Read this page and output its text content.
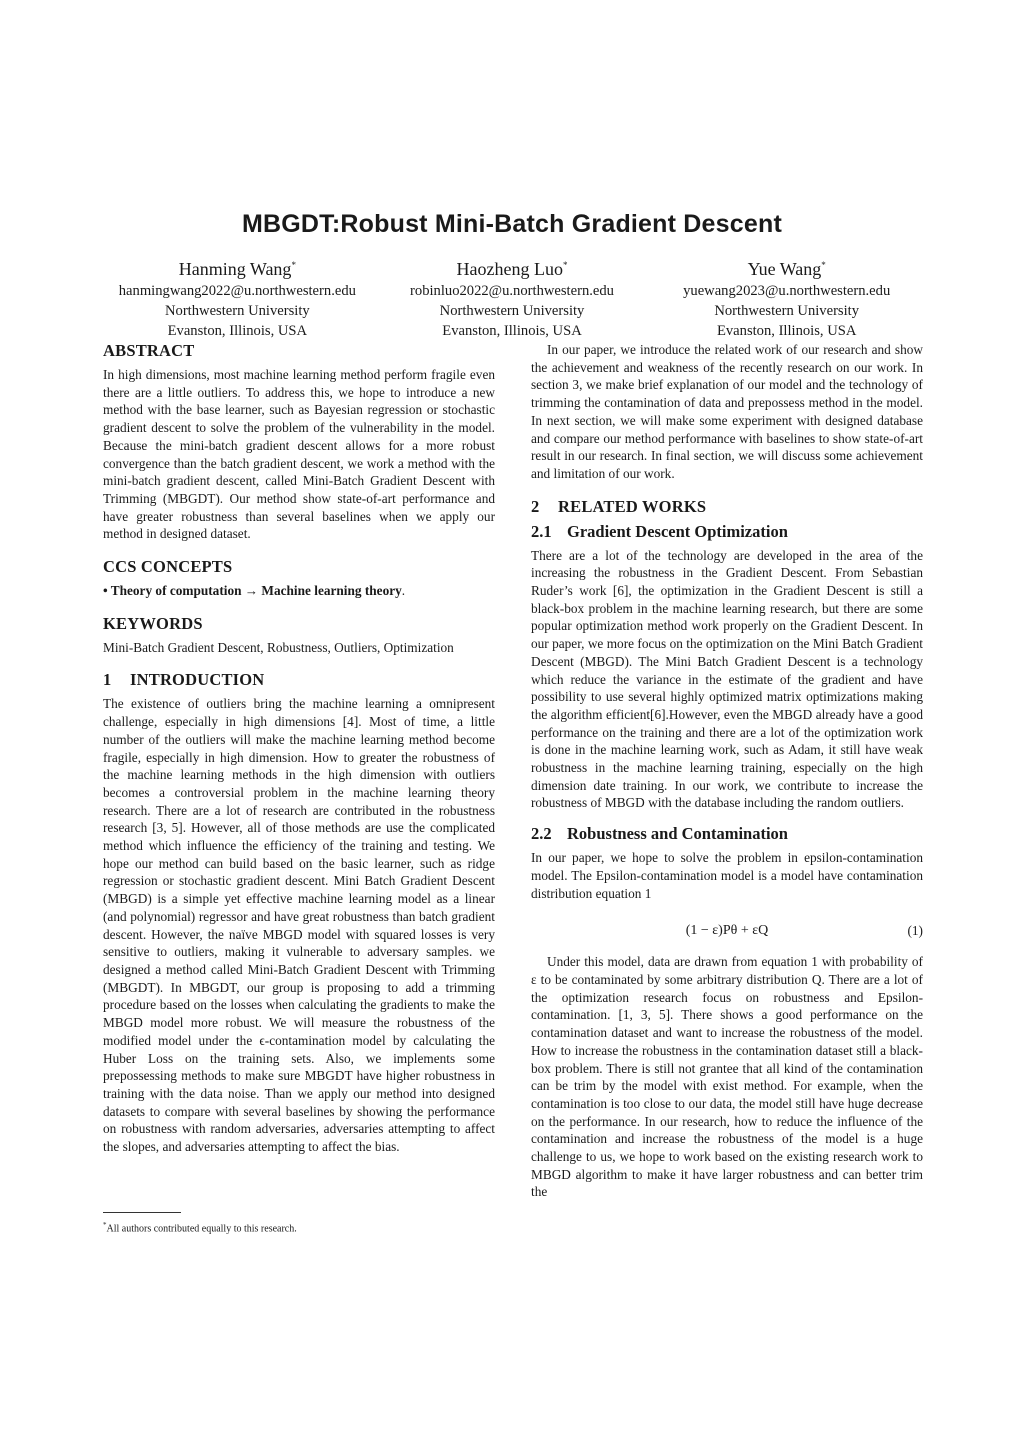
MBGDT:Robust Mini-Batch Gradient Descent
Hanming Wang*
hanmingwang2022@u.northwestern.edu
Northwestern University
Evanston, Illinois, USA
Haozheng Luo*
robinluo2022@u.northwestern.edu
Northwestern University
Evanston, Illinois, USA
Yue Wang*
yuewang2023@u.northwestern.edu
Northwestern University
Evanston, Illinois, USA
ABSTRACT

In high dimensions, most machine learning method perform fragile even there are a little outliers. To address this, we hope to introduce a new method with the base learner, such as Bayesian regression or stochastic gradient descent to solve the problem of the vulnerability in the model. Because the mini-batch gradient descent allows for a more robust convergence than the batch gradient descent, we work a method with the mini-batch gradient descent, called Mini-Batch Gradient Descent with Trimming (MBGDT). Our method show state-of-art performance and have greater robustness than several baselines when we apply our method in designed dataset.

CCS CONCEPTS

• Theory of computation → Machine learning theory.

KEYWORDS

Mini-Batch Gradient Descent, Robustness, Outliers, Optimization

1 INTRODUCTION

The existence of outliers bring the machine learning a omnipresent challenge, especially in high dimensions [4]. Most of time, a little number of the outliers will make the machine learning method become fragile, especially in high dimension. How to greater the robustness of the machine learning methods in the high dimension with outliers becomes a controversial problem in the machine learning theory research. There are a lot of research are contributed in the robustness research [3, 5]. However, all of those methods are use the complicated method which influence the efficiency of the training and testing. We hope our method can build based on the basic learner, such as ridge regression or stochastic gradient descent. Mini Batch Gradient Descent (MBGD) is a simple yet effective machine learning model as a linear (and polynomial) regressor and have great robustness than batch gradient descent. However, the naïve MBGD model with squared losses is very sensitive to outliers, making it vulnerable to adversary samples. we designed a method called Mini-Batch Gradient Descent with Trimming (MBGDT). In MBGDT, our group is proposing to add a trimming procedure based on the losses when calculating the gradients to make the MBGD model more robust. We will measure the robustness of the modified model under the ϵ-contamination model by calculating the Huber Loss on the training sets. Also, we implements some prepossessing methods to make sure MBGDT have higher robustness in training with the data noise. Than we apply our method into designed datasets to compare with several baselines by showing the performance on robustness with random adversaries, adversaries attempting to affect the slopes, and adversaries attempting to affect the bias.

In our paper, we introduce the related work of our research and show the achievement and weakness of the recently research on our work. In section 3, we make brief explanation of our model and the technology of trimming the contamination of data and prepossess method in the model. In next section, we will make some experiment with designed database and compare our method performance with baselines to show state-of-art result in our research. In final section, we will discuss some achievement and limitation of our work.

2 RELATED WORKS
2.1 Gradient Descent Optimization

There are a lot of the technology are developed in the area of the increasing the robustness in the Gradient Descent. From Sebastian Ruder’s work [6], the optimization in the Gradient Descent is still a black-box problem in the machine learning research, but there are some popular optimization method work properly on the Gradient Descent. In our paper, we more focus on the optimization on the Mini Batch Gradient Descent (MBGD). The Mini Batch Gradient Descent is a technology which reduce the variance in the estimate of the gradient and have possibility to use several highly optimized matrix optimizations making the algorithm efficient[6].However, even the MBGD already have a good performance on the training and there are a lot of the optimization work is done in the machine learning work, such as Adam, it still have weak robustness in the machine learning training, especially on the high dimension date training. In our work, we contribute to increase the robustness of MBGD with the database including the random outliers.

2.2 Robustness and Contamination

In our paper, we hope to solve the problem in epsilon-contamination model. The Epsilon-contamination model is a model have contamination distribution equation 1

(1 − ε)Pθ + εQ	(1)

Under this model, data are drawn from equation 1 with probability of ε to be contaminated by some arbitrary distribution Q. There are a lot of the optimization research focus on robustness and Epsilon-contamination. [1, 3, 5]. There shows a good performance on the contamination dataset and want to increase the robustness of the model. How to increase the robustness in the contamination dataset still a black-box problem. There is still not grantee that all kind of the contamination can be trim by the model with exist method. For example, when the contamination is too close to our data, the model still have huge decrease on the performance. In our research, how to reduce the influence of the contamination and increase the robustness of the model is a huge challenge to us, we hope to work based on the existing research work to MBGD algorithm to make it have larger robustness and can better trim the

*All authors contributed equally to this research.
